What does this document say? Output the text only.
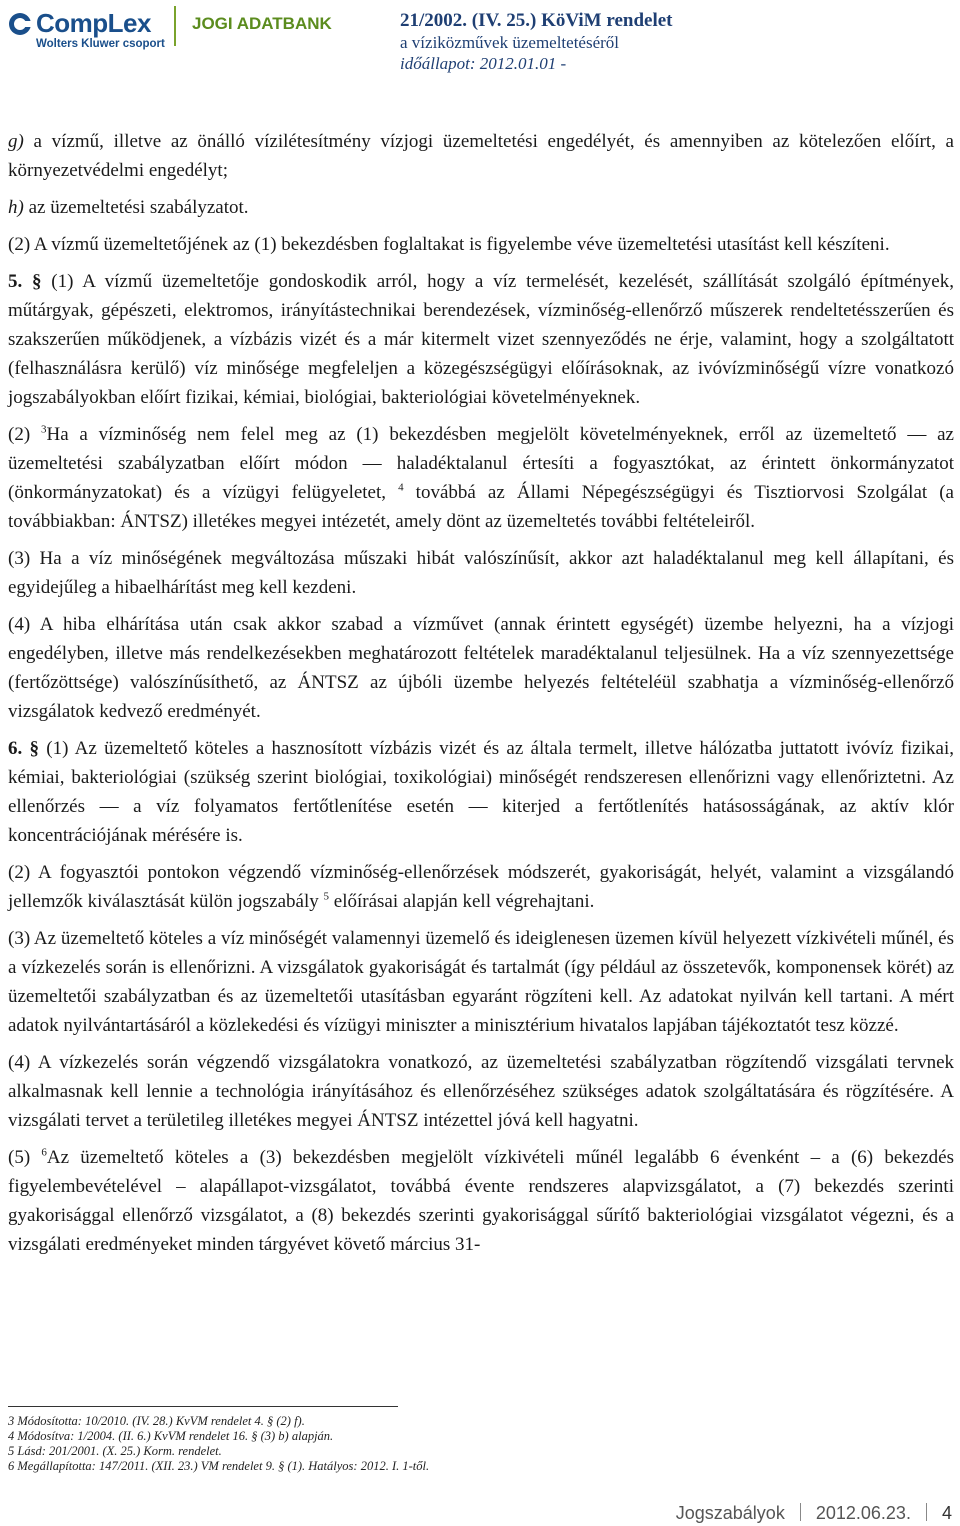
CompLex
Wolters Kluwer csoport
JOGI ADATBANK	21/2002. (IV. 25.) KöViM rendelet
a víziközművek üzemeltetéséről
időállapot: 2012.01.01 -

g) a vízmű, illetve az önálló vízilétesítmény vízjogi üzemeltetési engedélyét, és amennyiben az kötelezően előírt, a környezetvédelmi engedélyt;

h) az üzemeltetési szabályzatot.

(2) A vízmű üzemeltetőjének az (1) bekezdésben foglaltakat is figyelembe véve üzemeltetési utasítást kell készíteni.

5. § (1) A vízmű üzemeltetője gondoskodik arról, hogy a víz termelését, kezelését, szállítását szolgáló építmények, műtárgyak, gépészeti, elektromos, irányítástechnikai berendezések, vízminőség-ellenőrző műszerek rendeltetésszerűen és szakszerűen működjenek, a vízbázis vizét és a már kitermelt vizet szennyeződés ne érje, valamint, hogy a szolgáltatott (felhasználásra kerülő) víz minősége megfeleljen a közegészségügyi előírásoknak, az ivóvízminőségű vízre vonatkozó jogszabályokban előírt fizikai, kémiai, biológiai, bakteriológiai követelményeknek.

(2) $^3$Ha a vízminőség nem felel meg az (1) bekezdésben megjelölt követelményeknek, erről az üzemeltető — az üzemeltetési szabályzatban előírt módon — haladéktalanul értesíti a fogyasztókat, az érintett önkormányzatot (önkormányzatokat) és a vízügyi felügyeletet, $^4$ továbbá az Állami Népegészségügyi és Tisztiorvosi Szolgálat (a továbbiakban: ÁNTSZ) illetékes megyei intézetét, amely dönt az üzemeltetés további feltételeiről.

(3) Ha a víz minőségének megváltozása műszaki hibát valószínűsít, akkor azt haladéktalanul meg kell állapítani, és egyidejűleg a hibaelhárítást meg kell kezdeni.

(4) A hiba elhárítása után csak akkor szabad a vízművet (annak érintett egységét) üzembe helyezni, ha a vízjogi engedélyben, illetve más rendelkezésekben meghatározott feltételek maradéktalanul teljesülnek. Ha a víz szennyezettsége (fertőzöttsége) valószínűsíthető, az ÁNTSZ az újbóli üzembe helyezés feltételéül szabhatja a vízminőség-ellenőrző vizsgálatok kedvező eredményét.

6. § (1) Az üzemeltető köteles a hasznosított vízbázis vizét és az általa termelt, illetve hálózatba juttatott ivóvíz fizikai, kémiai, bakteriológiai (szükség szerint biológiai, toxikológiai) minőségét rendszeresen ellenőrizni vagy ellenőriztetni. Az ellenőrzés — a víz folyamatos fertőtlenítése esetén — kiterjed a fertőtlenítés hatásosságának, az aktív klór koncentrációjának mérésére is.

(2) A fogyasztói pontokon végzendő vízminőség-ellenőrzések módszerét, gyakoriságát, helyét, valamint a vizsgálandó jellemzők kiválasztását külön jogszabály $^5$ előírásai alapján kell végrehajtani.

(3) Az üzemeltető köteles a víz minőségét valamennyi üzemelő és ideiglenesen üzemen kívül helyezett vízkivételi műnél, és a vízkezelés során is ellenőrizni. A vizsgálatok gyakoriságát és tartalmát (így például az összetevők, komponensek körét) az üzemeltetői szabályzatban és az üzemeltetői utasításban egyaránt rögzíteni kell. Az adatokat nyilván kell tartani. A mért adatok nyilvántartásáról a közlekedési és vízügyi miniszter a minisztérium hivatalos lapjában tájékoztatót tesz közzé.

(4) A vízkezelés során végzendő vizsgálatokra vonatkozó, az üzemeltetési szabályzatban rögzítendő vizsgálati tervnek alkalmasnak kell lennie a technológia irányításához és ellenőrzéséhez szükséges adatok szolgáltatására és rögzítésére. A vizsgálati tervet a területileg illetékes megyei ÁNTSZ intézettel jóvá kell hagyatni.

(5) $^6$Az üzemeltető köteles a (3) bekezdésben megjelölt vízkivételi műnél legalább 6 évenként – a (6) bekezdés figyelembevételével – alapállapot-vizsgálatot, továbbá évente rendszeres alapvizsgálatot, a (7) bekezdés szerinti gyakorisággal ellenőrző vizsgálatot, a (8) bekezdés szerinti gyakorisággal sűrítő bakteriológiai vizsgálatot végezni, és a vizsgálati eredményeket minden tárgyévet követő március 31-

3 Módosította: 10/2010. (IV. 28.) KvVM rendelet 4. § (2) f).
4 Módosítva: 1/2004. (II. 6.) KvVM rendelet 16. § (3) b) alapján.
5 Lásd: 201/2001. (X. 25.) Korm. rendelet.
6 Megállapította: 147/2011. (XII. 23.) VM rendelet 9. § (1). Hatályos: 2012. I. 1-től.
Jogszabályok 2012.06.23. 4
